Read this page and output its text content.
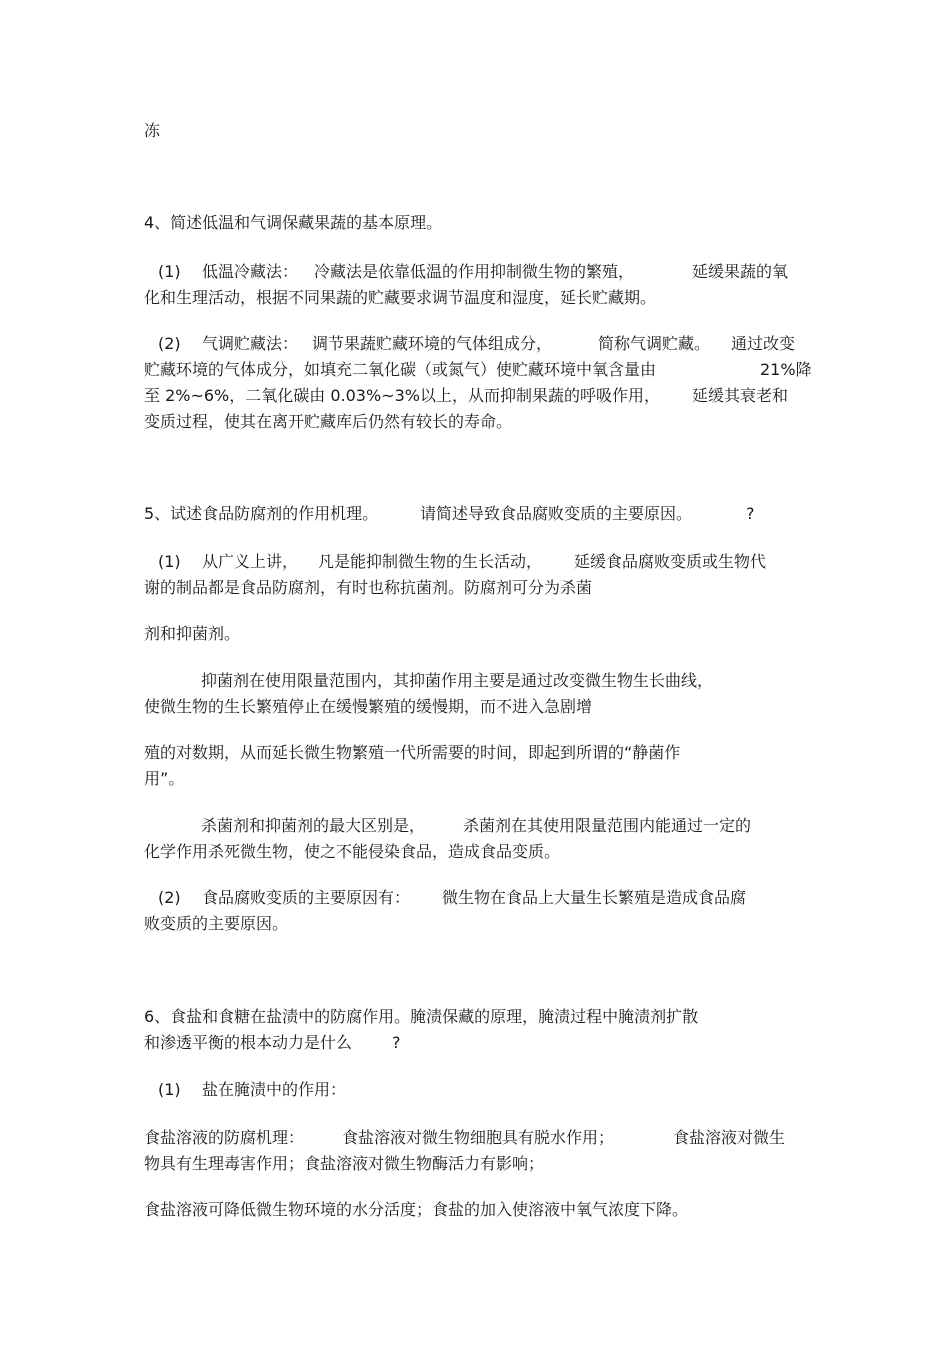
冻
4、简述低温和气调保藏果蔬的基本原理。
(1) 低温冷藏法： 冷藏法是依靠低温的作用抑制微生物的繁殖，	延缓果蔬的氧
化和生理活动，根据不同果蔬的贮藏要求调节温度和湿度，延长贮藏期。
(2) 气调贮藏法： 调节果蔬贮藏环境的气体组成分，	简称气调贮藏。 通过改变
贮藏环境的气体成分，如填充二氧化碳（或氮气）使贮藏环境中氧含量由	21%降
至 2%~6%，二氧化碳由 0.03%~3%以上，从而抑制果蔬的呼吸作用， 延缓其衰老和
变质过程，使其在离开贮藏库后仍然有较长的寿命。
5、试述食品防腐剂的作用机理。	请简述导致食品腐败变质的主要原因。	?
(1) 从广义上讲， 凡是能抑制微生物的生长活动， 延缓食品腐败变质或生物代
谢的制品都是食品防腐剂，有时也称抗菌剂。防腐剂可分为杀菌
剂和抑菌剂。
抑菌剂在使用限量范围内，其抑菌作用主要是通过改变微生物生长曲线，
使微生物的生长繁殖停止在缓慢繁殖的缓慢期，而不进入急剧增
殖的对数期，从而延长微生物繁殖一代所需要的时间，即起到所谓的“静菌作
用”。
杀菌剂和抑菌剂的最大区别是， 杀菌剂在其使用限量范围内能通过一定的
化学作用杀死微生物，使之不能侵染食品，造成食品变质。
(2) 食品腐败变质的主要原因有： 微生物在食品上大量生长繁殖是造成食品腐
败变质的主要原因。
6、食盐和食糖在盐渍中的防腐作用。腌渍保藏的原理，腌渍过程中腌渍剂扩散
和渗透平衡的根本动力是什么 ?
(1) 盐在腌渍中的作用：
食盐溶液的防腐机理： 食盐溶液对微生物细胞具有脱水作用；	食盐溶液对微生
物具有生理毒害作用；食盐溶液对微生物酶活力有影响；
食盐溶液可降低微生物环境的水分活度；食盐的加入使溶液中氧气浓度下降。
